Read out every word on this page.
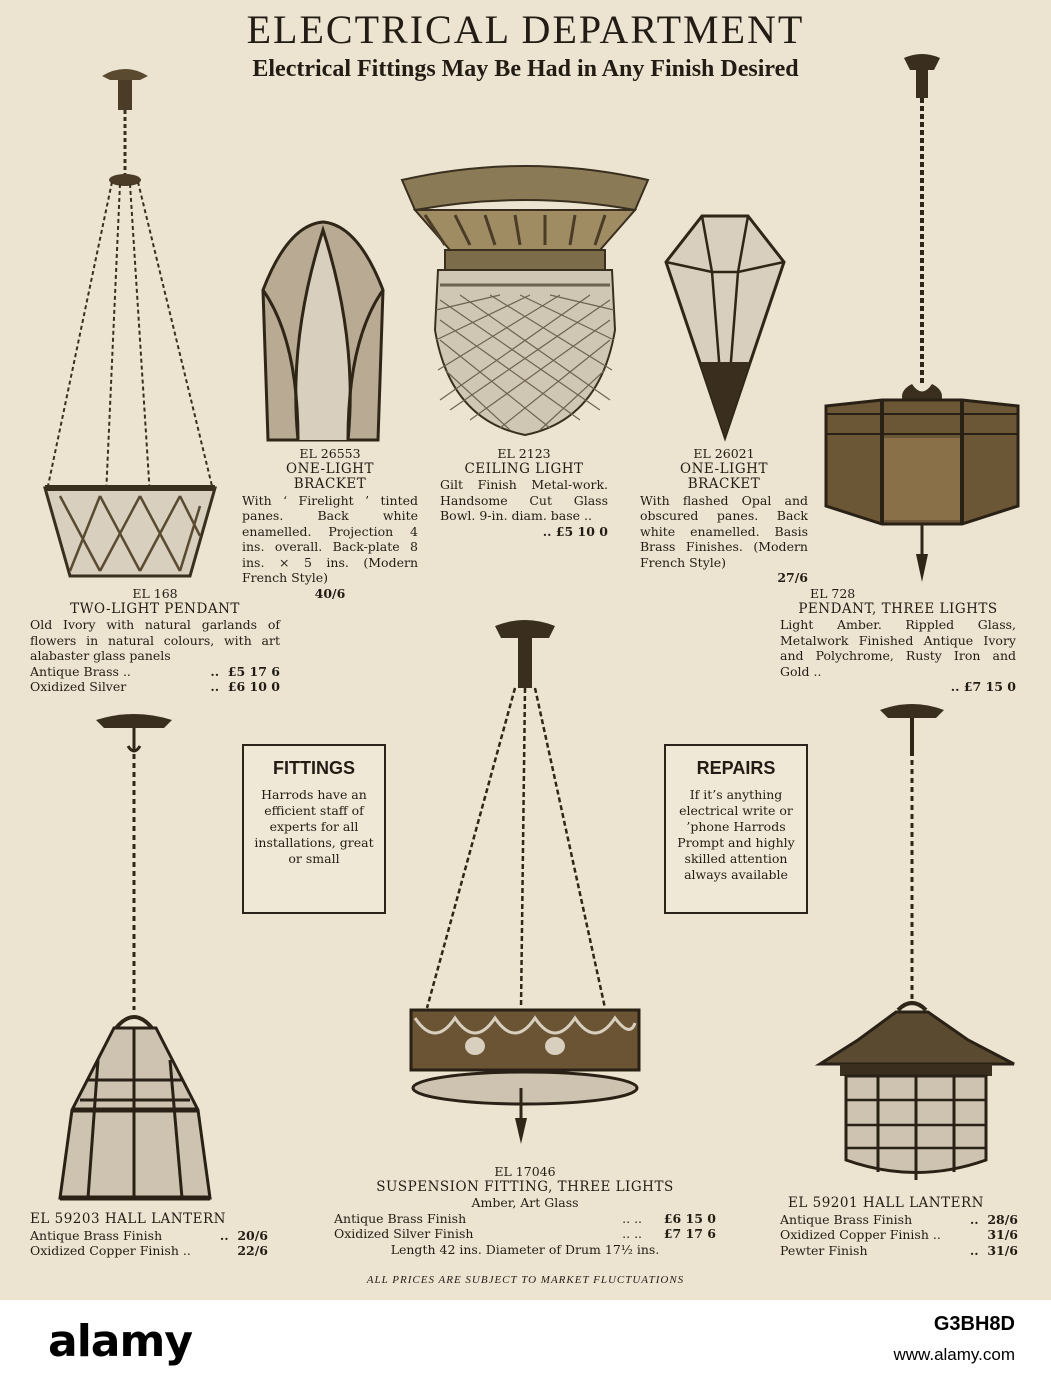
ELECTRICAL DEPARTMENT
Electrical Fittings May Be Had in Any Finish Desired
EL 26553
ONE-LIGHT BRACKET
With ‘ Firelight ’ tinted panes. Back white enamelled. Projection 4 ins. overall. Back-plate 8 ins. × 5 ins. (Modern French Style)
40/6
EL 2123
CEILING LIGHT
Gilt Finish Metal-work. Handsome Cut Glass Bowl. 9-in. diam. base ..
.. £5 10 0
EL 26021
ONE-LIGHT BRACKET
With flashed Opal and obscured panes. Back white enamelled. Basis Brass Finishes. (Modern French Style)
27/6
EL 168
TWO-LIGHT PENDANT
Old Ivory with natural garlands of flowers in natural colours, with art alabaster glass panels
Antique Brass ..	.. £5 17 6
Oxidized Silver	.. £6 10 0
EL 728
PENDANT, THREE LIGHTS
Light Amber. Rippled Glass, Metalwork Finished Antique Ivory and Polychrome, Rusty Iron and Gold ..
.. £7 15 0
FITTINGS

Harrods have an efficient staff of experts for all installations, great or small

REPAIRS

If it’s anything electrical write or ’phone Harrods Prompt and highly skilled attention always available

EL 59203 HALL LANTERN
Antique Brass Finish	.. 20/6
Oxidized Copper Finish ..	22/6
EL 17046
SUSPENSION FITTING, THREE LIGHTS
Amber, Art Glass
Antique Brass Finish	.. .. £6 15 0
Oxidized Silver Finish	.. .. £7 17 6
Length 42 ins. Diameter of Drum 17½ ins.
EL 59201 HALL LANTERN
Antique Brass Finish	.. 28/6
Oxidized Copper Finish ..	31/6
Pewter Finish	.. 31/6
ALL PRICES ARE SUBJECT TO MARKET FLUCTUATIONS
alamy	G3BH8D
www.alamy.com
